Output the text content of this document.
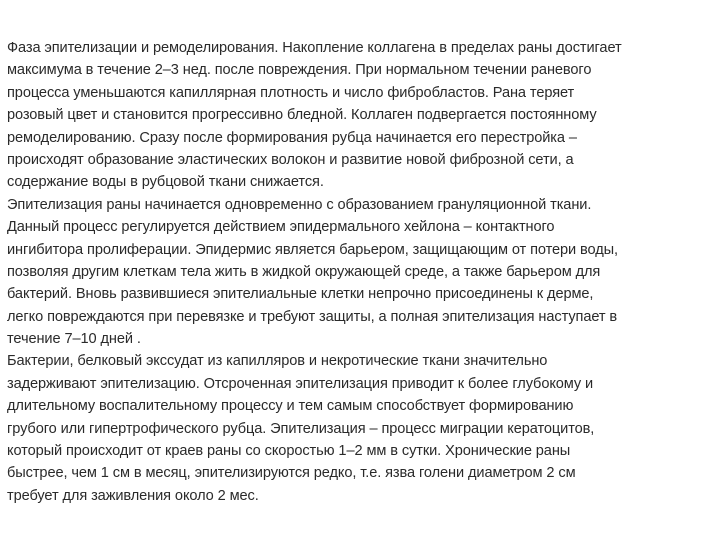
Фаза эпителизации и ремоделирования. Накопление коллагена в пределах раны достигает
максимума в течение 2–3 нед. после повреждения. При нормальном течении раневого
процесса уменьшаются капиллярная плотность и число фибробластов. Рана теряет
розовый цвет и становится прогрессивно бледной. Коллаген подвергается постоянному
ремоделированию. Сразу после формирования рубца начинается его перестройка –
происходят образование эластических волокон и развитие новой фиброзной сети, а
содержание воды в рубцовой ткани снижается.
Эпителизация раны начинается одновременно с образованием грануляционной ткани.
Данный процесс регулируется действием эпидермального хейлона – контактного
ингибитора пролиферации. Эпидермис является барьером, защищающим от потери воды,
позволяя другим клеткам тела жить в жидкой окружающей среде, а также барьером для
бактерий. Вновь развившиеся эпителиальные клетки непрочно присоединены к дерме,
легко повреждаются при перевязке и требуют защиты, а полная эпителизация наступает в
течение 7–10 дней .
Бактерии, белковый экссудат из капилляров и некротические ткани значительно
задерживают эпителизацию. Отсроченная эпителизация приводит к более глубокому и
длительному воспалительному процессу и тем самым способствует формированию
грубого или гипертрофического рубца. Эпителизация – процесс миграции кератоцитов,
который происходит от краев раны со скоростью 1–2 мм в сутки. Хронические раны
быстрее, чем 1 см в месяц, эпителизируются редко, т.е. язва голени диаметром 2 см
требует для заживления около 2 мес.
